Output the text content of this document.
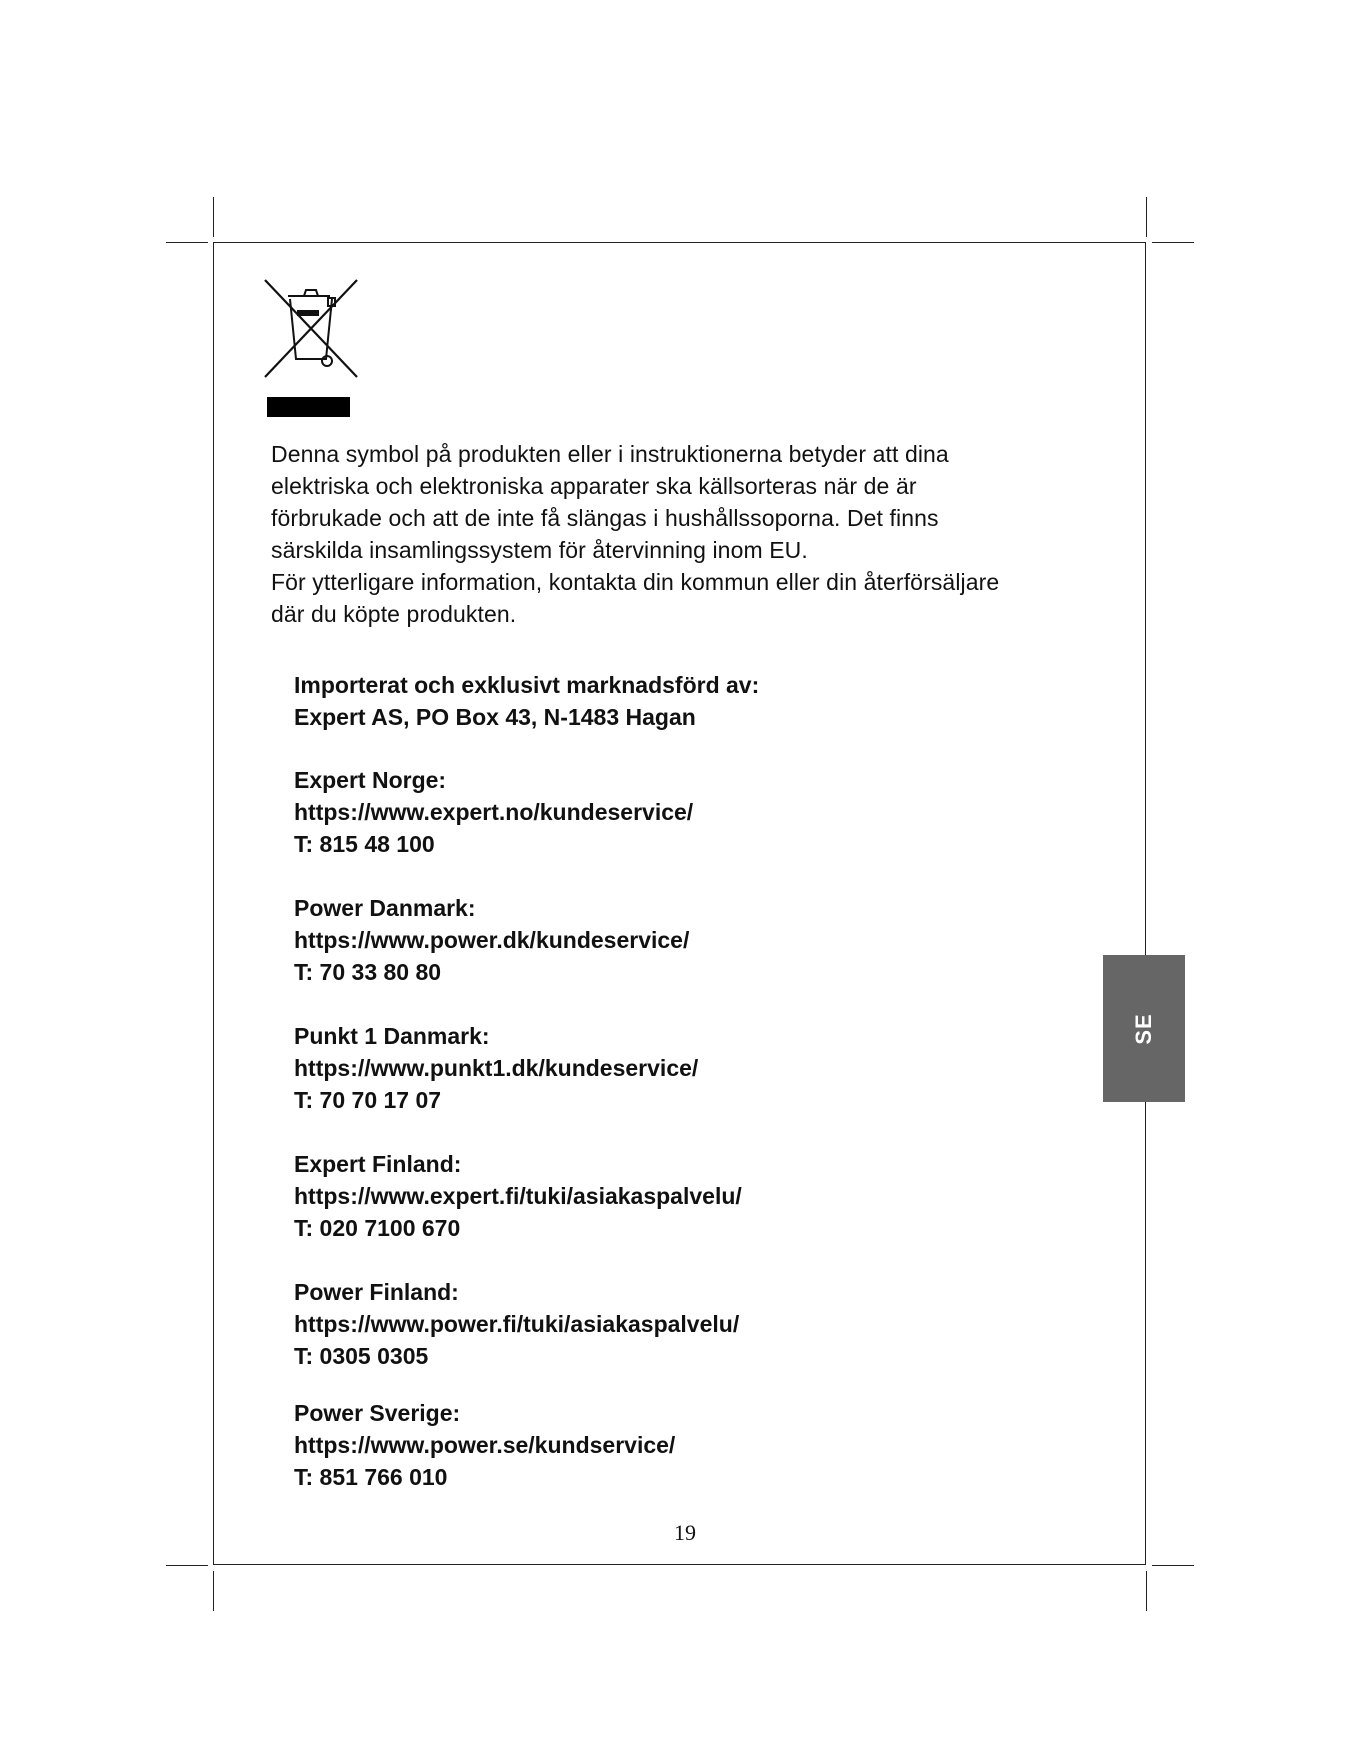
Denna symbol på produkten eller i instruktionerna betyder att dina

elektriska och elektroniska apparater ska källsorteras när de är

förbrukade och att de inte få slängas i hushållssoporna. Det finns

särskilda insamlingssystem för återvinning inom EU.

För ytterligare information, kontakta din kommun eller din återförsäljare

där du köpte produkten.

Importerat och exklusivt marknadsförd av:

Expert AS, PO Box 43, N-1483 Hagan

Expert Norge:

https://www.expert.no/kundeservice/

T: 815 48 100

Power Danmark:

https://www.power.dk/kundeservice/

T: 70 33 80 80

Punkt 1 Danmark:

https://www.punkt1.dk/kundeservice/

T: 70 70 17 07

Expert Finland:

https://www.expert.fi/tuki/asiakaspalvelu/

T: 020 7100 670

Power Finland:

https://www.power.fi/tuki/asiakaspalvelu/

T: 0305 0305

Power Sverige:

https://www.power.se/kundservice/

T: 851 766 010

SE
19
